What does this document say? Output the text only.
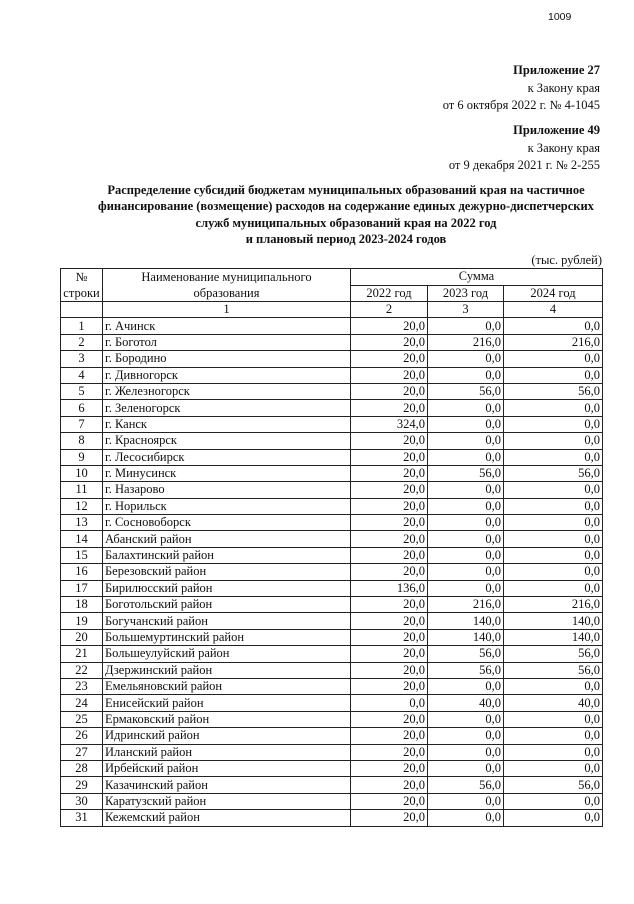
1009
Приложение 27
к Закону края
от 6 октября 2022 г. № 4-1045
Приложение 49
к Закону края
от 9 декабря 2021 г. № 2-255
Распределение субсидий бюджетам муниципальных образований края на частичное
финансирование (возмещение) расходов на содержание единых дежурно-диспетчерских
служб муниципальных образований края на 2022 год
и плановый период 2023-2024 годов
(тыс. рублей)
№ строки	Наименование муниципального образования	Сумма		
		2022 год	2023 год	2024 год
	1	2	3	4
1	г. Ачинск	20,0	0,0	0,0
2	г. Боготол	20,0	216,0	216,0
3	г. Бородино	20,0	0,0	0,0
4	г. Дивногорск	20,0	0,0	0,0
5	г. Железногорск	20,0	56,0	56,0
6	г. Зеленогорск	20,0	0,0	0,0
7	г. Канск	324,0	0,0	0,0
8	г. Красноярск	20,0	0,0	0,0
9	г. Лесосибирск	20,0	0,0	0,0
10	г. Минусинск	20,0	56,0	56,0
11	г. Назарово	20,0	0,0	0,0
12	г. Норильск	20,0	0,0	0,0
13	г. Сосновоборск	20,0	0,0	0,0
14	Абанский район	20,0	0,0	0,0
15	Балахтинский район	20,0	0,0	0,0
16	Березовский район	20,0	0,0	0,0
17	Бирилюсский район	136,0	0,0	0,0
18	Боготольский район	20,0	216,0	216,0
19	Богучанский район	20,0	140,0	140,0
20	Большемуртинский район	20,0	140,0	140,0
21	Большеулуйский район	20,0	56,0	56,0
22	Дзержинский район	20,0	56,0	56,0
23	Емельяновский район	20,0	0,0	0,0
24	Енисейский район	0,0	40,0	40,0
25	Ермаковский район	20,0	0,0	0,0
26	Идринский район	20,0	0,0	0,0
27	Иланский район	20,0	0,0	0,0
28	Ирбейский район	20,0	0,0	0,0
29	Казачинский район	20,0	56,0	56,0
30	Каратузский район	20,0	0,0	0,0
31	Кежемский район	20,0	0,0	0,0
